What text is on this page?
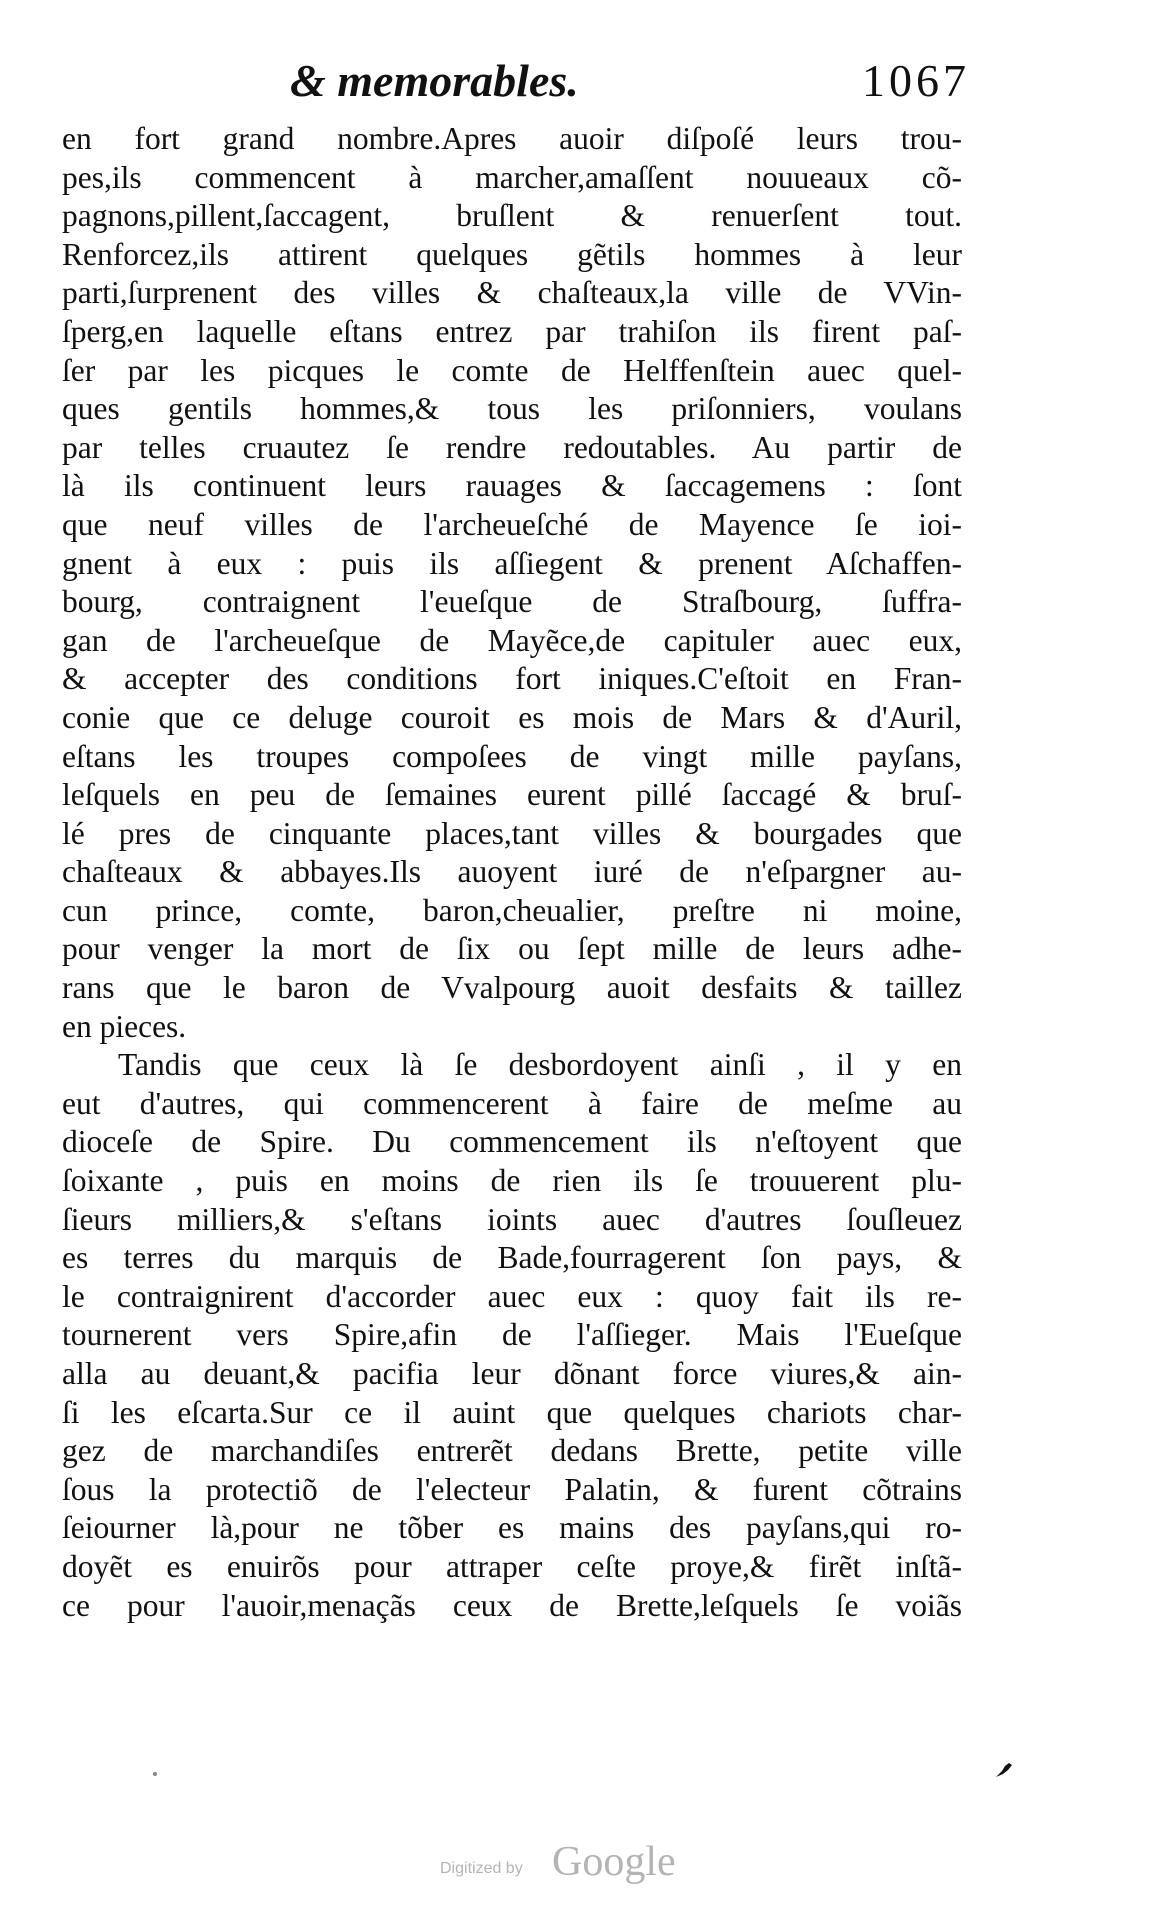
& memorables.	1067
en fort grand nombre.Apres auoir diſpoſé leurs trou-
pes,ils commencent à marcher,amaſſent nouueaux cõ-
pagnons,pillent,ſaccagent, bruſlent & renuerſent tout.
Renforcez,ils attirent quelques gẽtils hommes à leur
parti,ſurprenent des villes & chaſteaux,la ville de VVin-
ſperg,en laquelle eſtans entrez par trahiſon ils firent paſ-
ſer par les picques le comte de Helffenſtein auec quel-
ques gentils hommes,& tous les priſonniers, voulans
par telles cruautez ſe rendre redoutables. Au partir de
là ils continuent leurs rauages & ſaccagemens : ſont
que neuf villes de l'archeueſché de Mayence ſe ioi-
gnent à eux : puis ils aſſiegent & prenent Aſchaffen-
bourg, contraignent l'eueſque de Straſbourg, ſuffra-
gan de l'archeueſque de Mayẽce,de capituler auec eux,
& accepter des conditions fort iniques.C'eſtoit en Fran-
conie que ce deluge couroit es mois de Mars & d'Auril,
eſtans les troupes compoſees de vingt mille payſans,
leſquels en peu de ſemaines eurent pillé ſaccagé & bruſ-
lé pres de cinquante places,tant villes & bourgades que
chaſteaux & abbayes.Ils auoyent iuré de n'eſpargner au-
cun prince, comte, baron,cheualier, preſtre ni moine,
pour venger la mort de ſix ou ſept mille de leurs adhe-
rans que le baron de Vvalpourg auoit desfaits & taillez
en pieces.
Tandis que ceux là ſe desbordoyent ainſi , il y en
eut d'autres, qui commencerent à faire de meſme au
dioceſe de Spire. Du commencement ils n'eſtoyent que
ſoixante , puis en moins de rien ils ſe trouuerent plu-
ſieurs milliers,& s'eſtans ioints auec d'autres ſouſleuez
es terres du marquis de Bade,fourragerent ſon pays, &
le contraignirent d'accorder auec eux : quoy fait ils re-
tournerent vers Spire,afin de l'aſſieger. Mais l'Eueſque
alla au deuant,& pacifia leur dõnant force viures,& ain-
ſi les eſcarta.Sur ce il auint que quelques chariots char-
gez de marchandiſes entrerẽt dedans Brette, petite ville
ſous la protectiõ de l'electeur Palatin, & furent cõtrains
ſeiourner là,pour ne tõber es mains des payſans,qui ro-
doyẽt es enuirõs pour attraper ceſte proye,& firẽt inſtã-
ce pour l'auoir,menaçãs ceux de Brette,leſquels ſe voiãs
Digitized by Google
